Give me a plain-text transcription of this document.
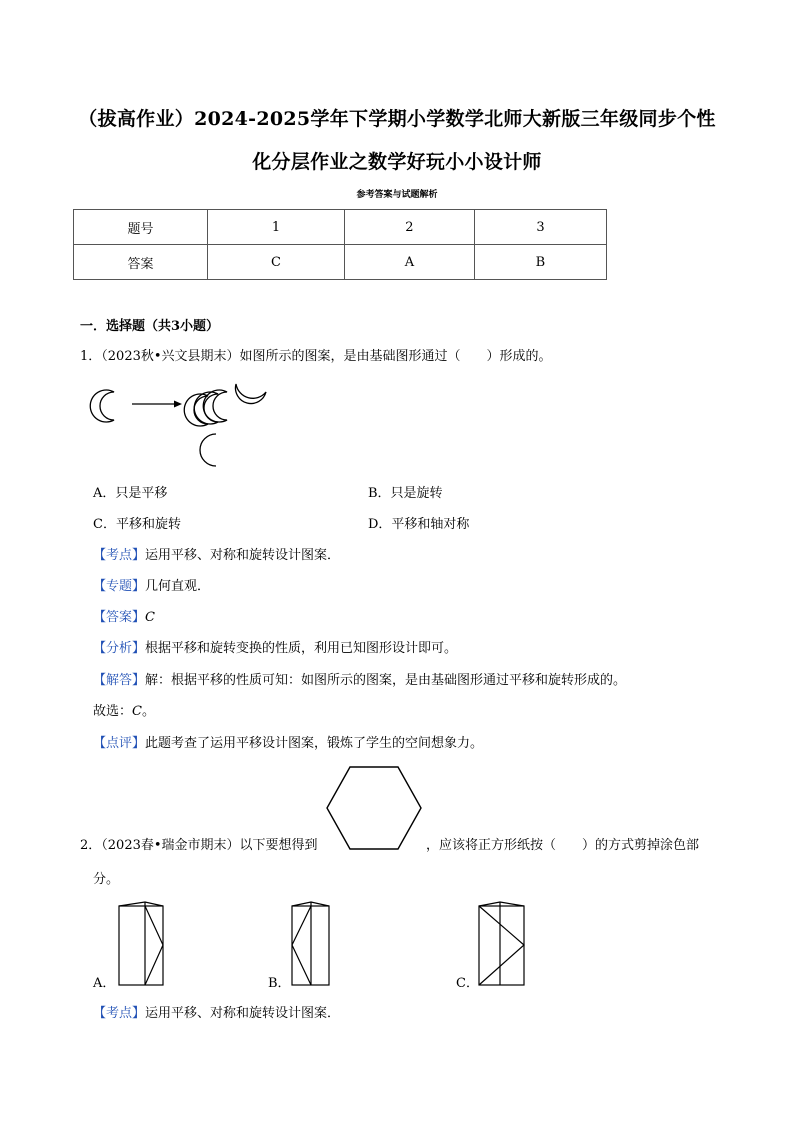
（拔高作业）2024-2025学年下学期小学数学北师大新版三年级同步个性
化分层作业之数学好玩小小设计师
参考答案与试题解析
题号	1	2	3
答案	C	A	B
一．选择题（共3小题）
1．（2023秋•兴文县期末）如图所示的图案，是由基础图形通过（　　）形成的。
A．只是平移	B．只是旋转
C．平移和旋转	D．平移和轴对称
【考点】运用平移、对称和旋转设计图案．
【专题】几何直观．
【答案】C
【分析】根据平移和旋转变换的性质，利用已知图形设计即可。
【解答】解：根据平移的性质可知：如图所示的图案，是由基础图形通过平移和旋转形成的。
故选：C。
【点评】此题考查了运用平移设计图案，锻炼了学生的空间想象力。
2．（2023春•瑞金市期末）以下要想得到	，应该将正方形纸按（　　）的方式剪掉涂色部
分。
A．	B．	C．
【考点】运用平移、对称和旋转设计图案．
